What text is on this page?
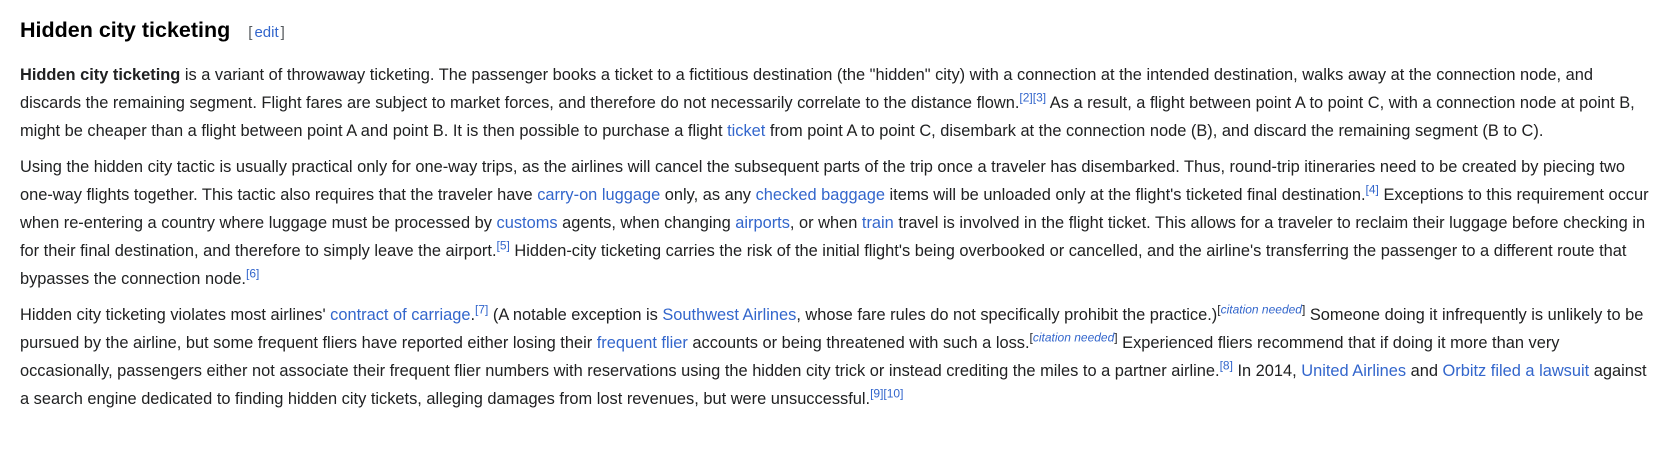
Hidden city ticketing [ edit ]

Hidden city ticketing is a variant of throwaway ticketing. The passenger books a ticket to a fictitious destination (the "hidden" city) with a connection at the intended destination, walks away at the connection node, and discards the remaining segment. Flight fares are subject to market forces, and therefore do not necessarily correlate to the distance flown.[2][3] As a result, a flight between point A to point C, with a connection node at point B, might be cheaper than a flight between point A and point B. It is then possible to purchase a flight ticket from point A to point C, disembark at the connection node (B), and discard the remaining segment (B to C).

Using the hidden city tactic is usually practical only for one-way trips, as the airlines will cancel the subsequent parts of the trip once a traveler has disembarked. Thus, round-trip itineraries need to be created by piecing two one-way flights together. This tactic also requires that the traveler have carry-on luggage only, as any checked baggage items will be unloaded only at the flight's ticketed final destination.[4] Exceptions to this requirement occur when re-entering a country where luggage must be processed by customs agents, when changing airports, or when train travel is involved in the flight ticket. This allows for a traveler to reclaim their luggage before checking in for their final destination, and therefore to simply leave the airport.[5] Hidden-city ticketing carries the risk of the initial flight's being overbooked or cancelled, and the airline's transferring the passenger to a different route that bypasses the connection node.[6]

Hidden city ticketing violates most airlines' contract of carriage.[7] (A notable exception is Southwest Airlines, whose fare rules do not specifically prohibit the practice.)[citation needed] Someone doing it infrequently is unlikely to be pursued by the airline, but some frequent fliers have reported either losing their frequent flier accounts or being threatened with such a loss.[citation needed] Experienced fliers recommend that if doing it more than very occasionally, passengers either not associate their frequent flier numbers with reservations using the hidden city trick or instead crediting the miles to a partner airline.[8] In 2014, United Airlines and Orbitz filed a lawsuit against a search engine dedicated to finding hidden city tickets, alleging damages from lost revenues, but were unsuccessful.[9][10]
